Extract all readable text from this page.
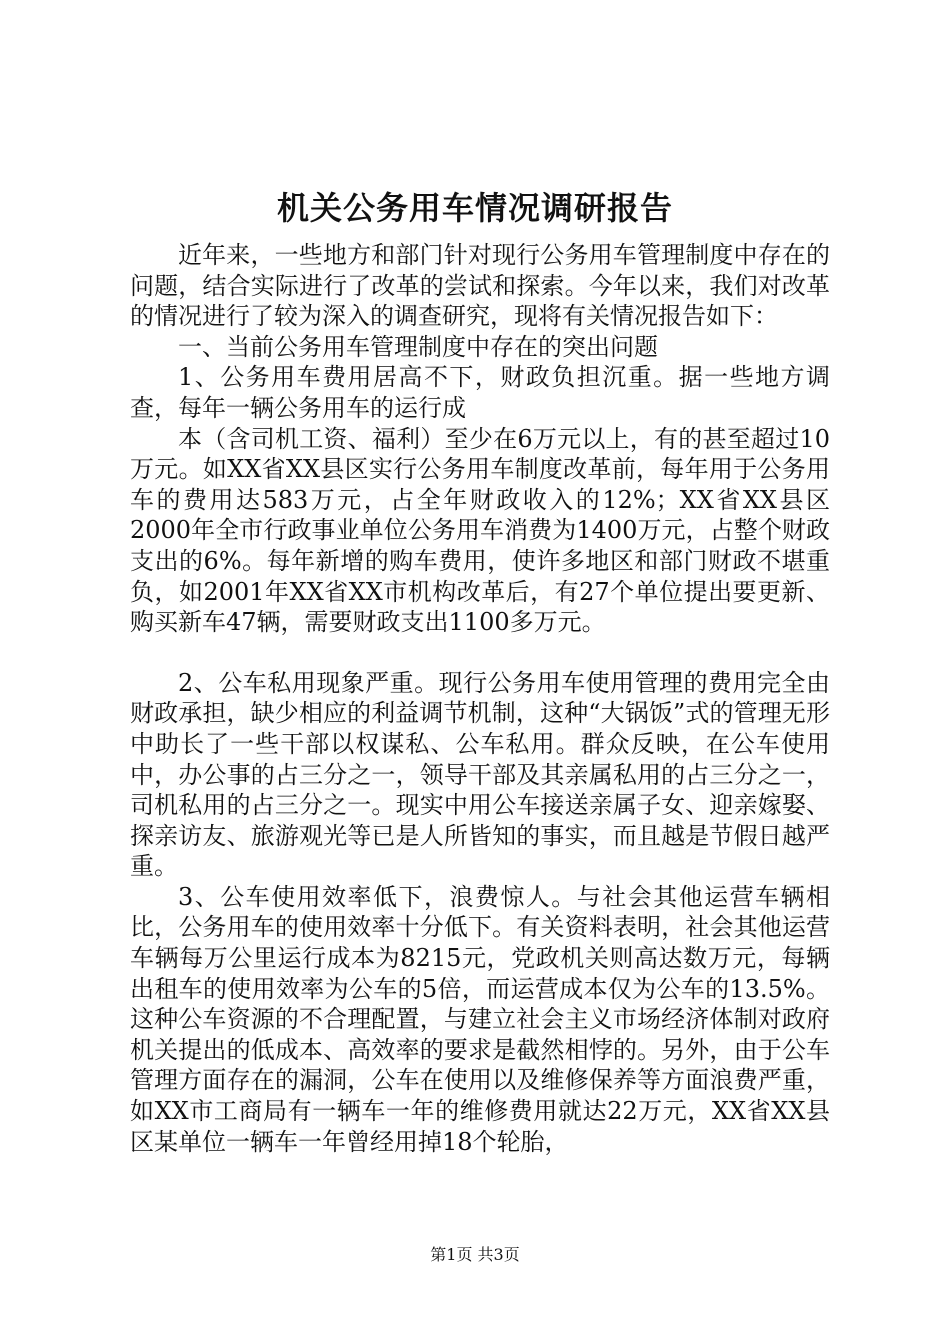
机关公务用车情况调研报告

近年来，一些地方和部门针对现行公务用车管理制度中存在的问题，结合实际进行了改革的尝试和探索。今年以来，我们对改革的情况进行了较为深入的调查研究，现将有关情况报告如下：

一、当前公务用车管理制度中存在的突出问题

1、公务用车费用居高不下，财政负担沉重。据一些地方调查，每年一辆公务用车的运行成

本（含司机工资、福利）至少在6万元以上，有的甚至超过10万元。如XX省XX县区实行公务用车制度改革前，每年用于公务用车的费用达583万元，占全年财政收入的12%；XX省XX县区2000年全市行政事业单位公务用车消费为1400万元，占整个财政支出的6%。每年新增的购车费用，使许多地区和部门财政不堪重负，如2001年XX省XX市机构改革后，有27个单位提出要更新、购买新车47辆，需要财政支出1100多万元。

2、公车私用现象严重。现行公务用车使用管理的费用完全由财政承担，缺少相应的利益调节机制，这种“大锅饭”式的管理无形中助长了一些干部以权谋私、公车私用。群众反映，在公车使用中，办公事的占三分之一，领导干部及其亲属私用的占三分之一，司机私用的占三分之一。现实中用公车接送亲属子女、迎亲嫁娶、探亲访友、旅游观光等已是人所皆知的事实，而且越是节假日越严重。

3、公车使用效率低下，浪费惊人。与社会其他运营车辆相比，公务用车的使用效率十分低下。有关资料表明，社会其他运营车辆每万公里运行成本为8215元，党政机关则高达数万元，每辆出租车的使用效率为公车的5倍，而运营成本仅为公车的13.5%。这种公车资源的不合理配置，与建立社会主义市场经济体制对政府机关提出的低成本、高效率的要求是截然相悖的。另外，由于公车管理方面存在的漏洞，公车在使用以及维修保养等方面浪费严重，如XX市工商局有一辆车一年的维修费用就达22万元，XX省XX县区某单位一辆车一年曾经用掉18个轮胎，

第1页 共3页
